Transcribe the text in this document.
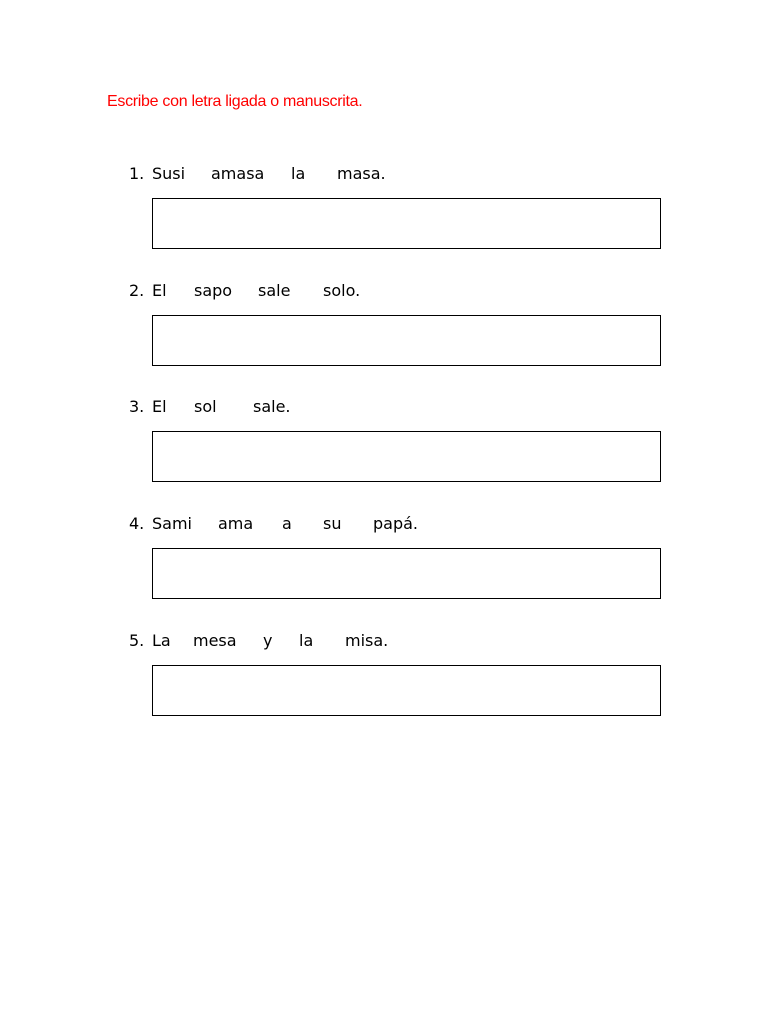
Escribe con letra ligada o manuscrita.
1. Susi amasa la masa.
2. El sapo sale solo.
3. El sol sale.
4. Sami ama a su papá.
5. La mesa y la misa.
